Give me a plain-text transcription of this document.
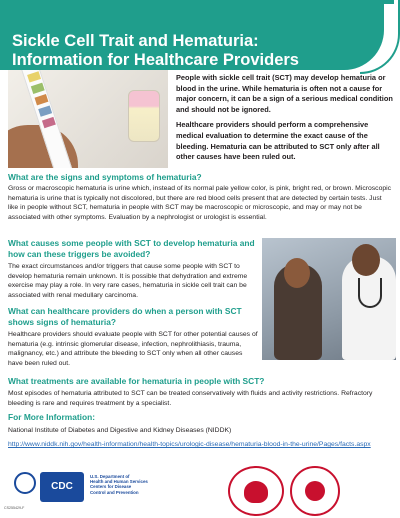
Sickle Cell Trait and Hematuria:
Information for Healthcare Providers

People with sickle cell trait (SCT) may develop hematuria or blood in the urine. While hematuria is often not a cause for major concern, it can be a sign of a serious medical condition and should not be ignored.

Healthcare providers should perform a comprehensive medical evaluation to determine the exact cause of the bleeding. Hematuria can be attributed to SCT only after all other causes have been ruled out.

What are the signs and symptoms of hematuria?
Gross or macroscopic hematuria is urine which, instead of its normal pale yellow color, is pink, bright red, or brown. Microscopic hematuria is urine that is typically not discolored, but there are red blood cells present that are detected by certain tests. Just like in people without SCT, hematuria in people with SCT may be macroscopic or microscopic, and may or may not be associated with other symptoms. Evaluation by a nephrologist or urologist is essential.
What causes some people with SCT to develop hematuria and how can these triggers be avoided?
The exact circumstances and/or triggers that cause some people with SCT to develop hematuria remain unknown. It is possible that dehydration and extreme exercise may play a role. In very rare cases, hematuria in sickle cell trait can be associated with renal medullary carcinoma.
What can healthcare providers do when a person with SCT shows signs of hematuria?
Healthcare providers should evaluate people with SCT for other potential causes of hematuria (e.g. intrinsic glomerular disease, infection, nephrolithiasis, trauma, malignancy, etc.) and attribute the bleeding to SCT only when all other causes have been ruled out.
What treatments are available for hematuria in people with SCT?
Most episodes of hematuria attributed to SCT can be treated conservatively with fluids and activity restrictions. Refractory bleeding is rare and requires treatment by a specialist.
For More Information:
National Institute of Diabetes and Digestive and Kidney Diseases (NIDDK)
http://www.niddk.nih.gov/health-information/health-topics/urologic-disease/hematuria-blood-in-the-urine/Pages/facts.aspx
CDC
U.S. Department of
Health and Human Services
Centers for Disease
Control and Prevention
CS255429-F
